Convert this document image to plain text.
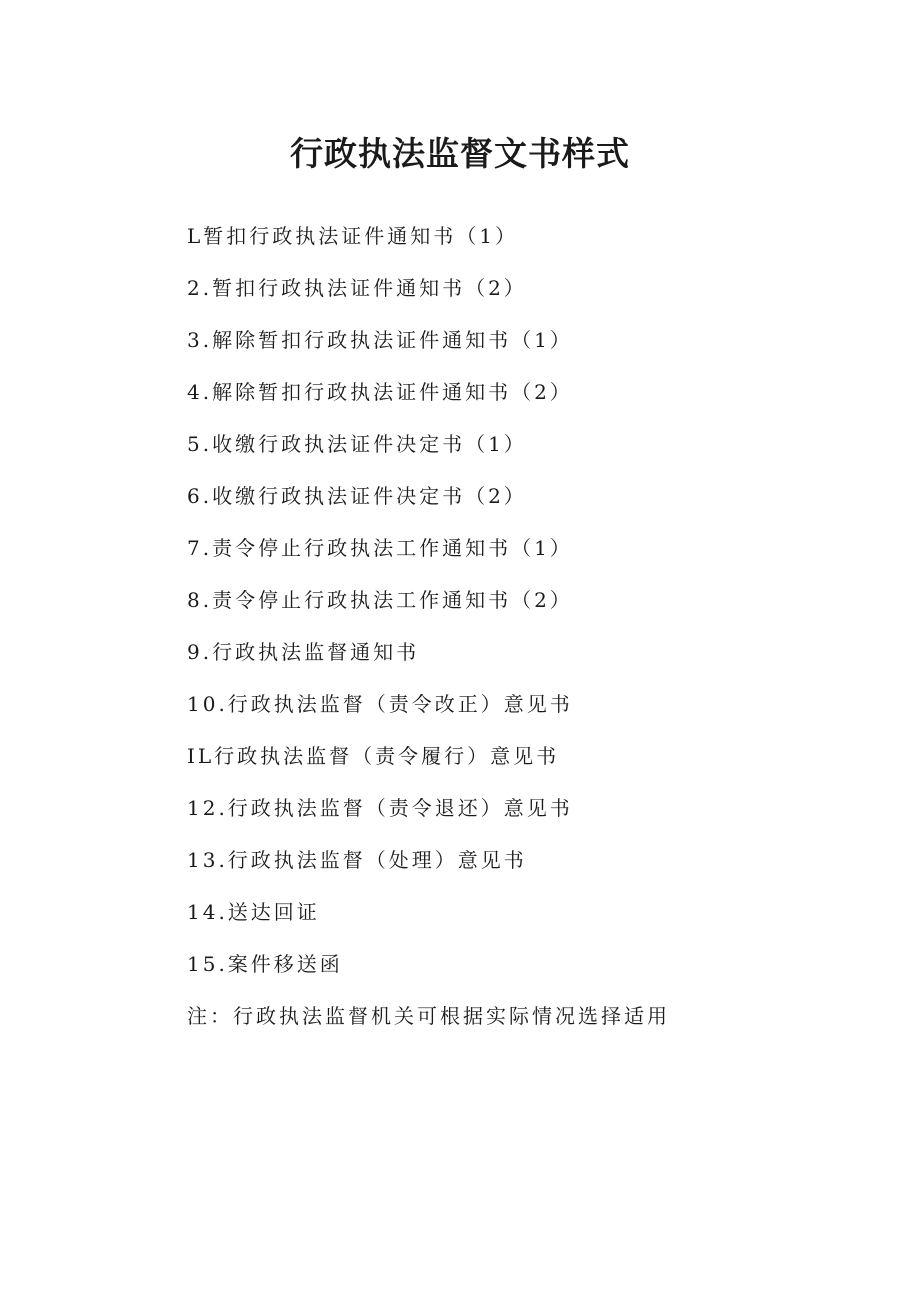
行政执法监督文书样式
L暂扣行政执法证件通知书（1）
2.暂扣行政执法证件通知书（2）
3.解除暂扣行政执法证件通知书（1）
4.解除暂扣行政执法证件通知书（2）
5.收缴行政执法证件决定书（1）
6.收缴行政执法证件决定书（2）
7.责令停止行政执法工作通知书（1）
8.责令停止行政执法工作通知书（2）
9.行政执法监督通知书
10.行政执法监督（责令改正）意见书
IL行政执法监督（责令履行）意见书
12.行政执法监督（责令退还）意见书
13.行政执法监督（处理）意见书
14.送达回证
15.案件移送函
注：行政执法监督机关可根据实际情况选择适用
